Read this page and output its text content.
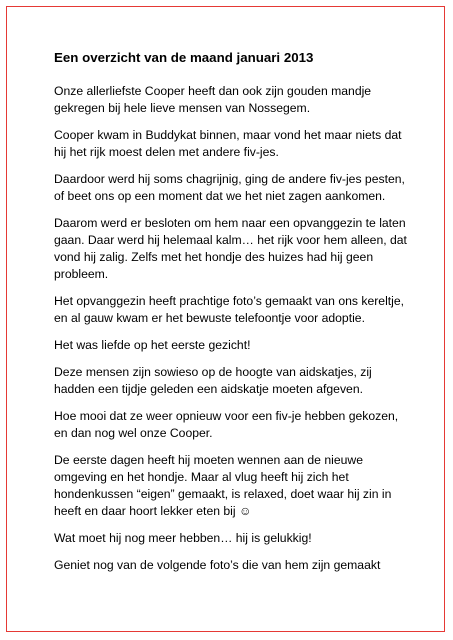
Een overzicht van de maand januari 2013

Onze allerliefste Cooper heeft dan ook zijn gouden mandje gekregen bij hele lieve mensen van Nossegem.

Cooper kwam in Buddykat binnen, maar vond het maar niets dat hij het rijk moest delen met andere fiv-jes.

Daardoor werd hij soms chagrijnig, ging de andere fiv-jes pesten, of beet ons op een moment dat we het niet zagen aankomen.

Daarom werd er besloten om hem naar een opvanggezin te laten gaan. Daar werd hij helemaal kalm… het rijk voor hem alleen, dat vond hij zalig. Zelfs met het hondje des huizes had hij geen probleem.

Het opvanggezin heeft prachtige foto’s gemaakt van ons kereltje, en al gauw kwam er het bewuste telefoontje voor adoptie.

Het was liefde op het eerste gezicht!

Deze mensen zijn sowieso op de hoogte van aidskatjes, zij hadden een tijdje geleden een aidskatje moeten afgeven.

Hoe mooi dat ze weer opnieuw voor een fiv-je hebben gekozen, en dan nog wel onze Cooper.

De eerste dagen heeft hij moeten wennen aan de nieuwe omgeving en het hondje. Maar al vlug heeft hij zich het hondenkussen “eigen” gemaakt, is relaxed, doet waar hij zin in heeft en daar hoort lekker eten bij ☺

Wat moet hij nog meer hebben… hij is gelukkig!

Geniet nog van de volgende foto’s die van hem zijn gemaakt
